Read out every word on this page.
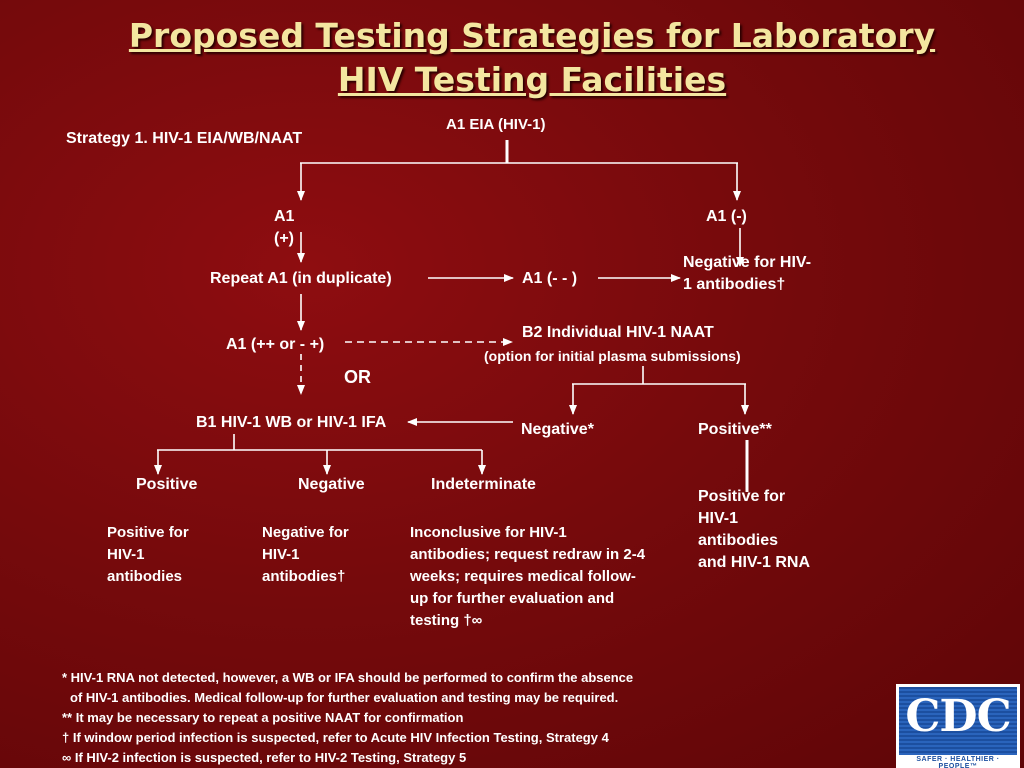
Proposed Testing Strategies for Laboratory
HIV Testing Facilities
Strategy 1. HIV-1 EIA/WB/NAAT
A1 EIA (HIV-1)
A1 (+)
A1 (-)
Repeat A1 (in duplicate)	A1 (- - )
Negative for HIV-1 antibodies†
A1 (++ or - +)
B2 Individual HIV-1 NAAT
(option for initial plasma submissions)
OR
B1 HIV-1 WB or HIV-1 IFA	Negative*	Positive**
Positive	Negative	Indeterminate
Positive for HIV-1 antibodies
Negative for HIV-1 antibodies†
Inconclusive for HIV-1 antibodies; request redraw in 2-4 weeks; requires medical follow-up for further evaluation and testing †∞
Positive for HIV-1 antibodies and HIV-1 RNA
* HIV-1 RNA not detected, however, a WB or IFA should be performed to confirm the absence
of HIV-1 antibodies. Medical follow-up for further evaluation and testing may be required.
** It may be necessary to repeat a positive NAAT for confirmation
† If window period infection is suspected, refer to Acute HIV Infection Testing, Strategy 4
∞ If HIV-2 infection is suspected, refer to HIV-2 Testing, Strategy 5
CDC
SAFER · HEALTHIER · PEOPLE™
